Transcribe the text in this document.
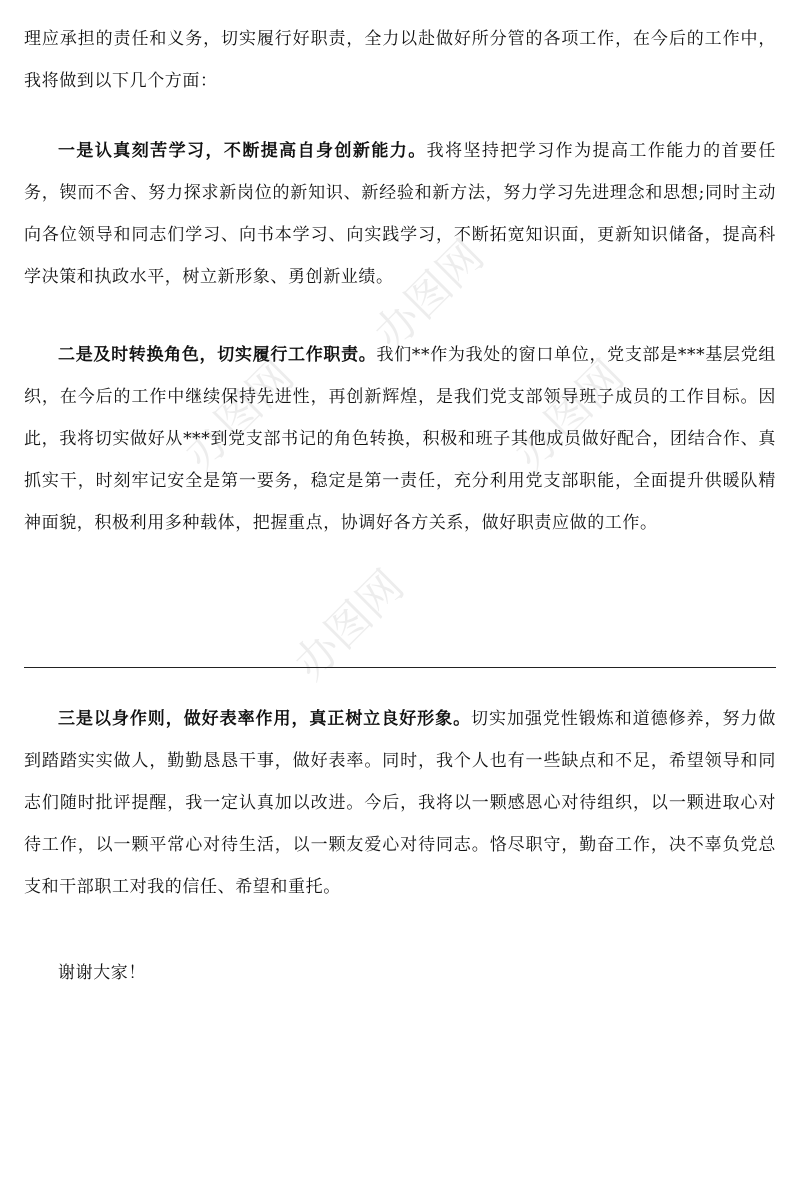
办图网	办图网
办图网
办图网

理应承担的责任和义务，切实履行好职责，全力以赴做好所分管的各项工作，在今后的工作中，我将做到以下几个方面：

一是认真刻苦学习，不断提高自身创新能力。我将坚持把学习作为提高工作能力的首要任务，锲而不舍、努力探求新岗位的新知识、新经验和新方法，努力学习先进理念和思想;同时主动向各位领导和同志们学习、向书本学习、向实践学习，不断拓宽知识面，更新知识储备，提高科学决策和执政水平，树立新形象、勇创新业绩。

二是及时转换角色，切实履行工作职责。我们**作为我处的窗口单位，党支部是***基层党组织，在今后的工作中继续保持先进性，再创新辉煌，是我们党支部领导班子成员的工作目标。因此，我将切实做好从***到党支部书记的角色转换，积极和班子其他成员做好配合，团结合作、真抓实干，时刻牢记安全是第一要务，稳定是第一责任，充分利用党支部职能，全面提升供暖队精神面貌，积极利用多种载体，把握重点，协调好各方关系，做好职责应做的工作。

三是以身作则，做好表率作用，真正树立良好形象。切实加强党性锻炼和道德修养，努力做到踏踏实实做人，勤勤恳恳干事，做好表率。同时，我个人也有一些缺点和不足，希望领导和同志们随时批评提醒，我一定认真加以改进。今后，我将以一颗感恩心对待组织，以一颗进取心对待工作，以一颗平常心对待生活，以一颗友爱心对待同志。恪尽职守，勤奋工作，决不辜负党总支和干部职工对我的信任、希望和重托。

谢谢大家！
